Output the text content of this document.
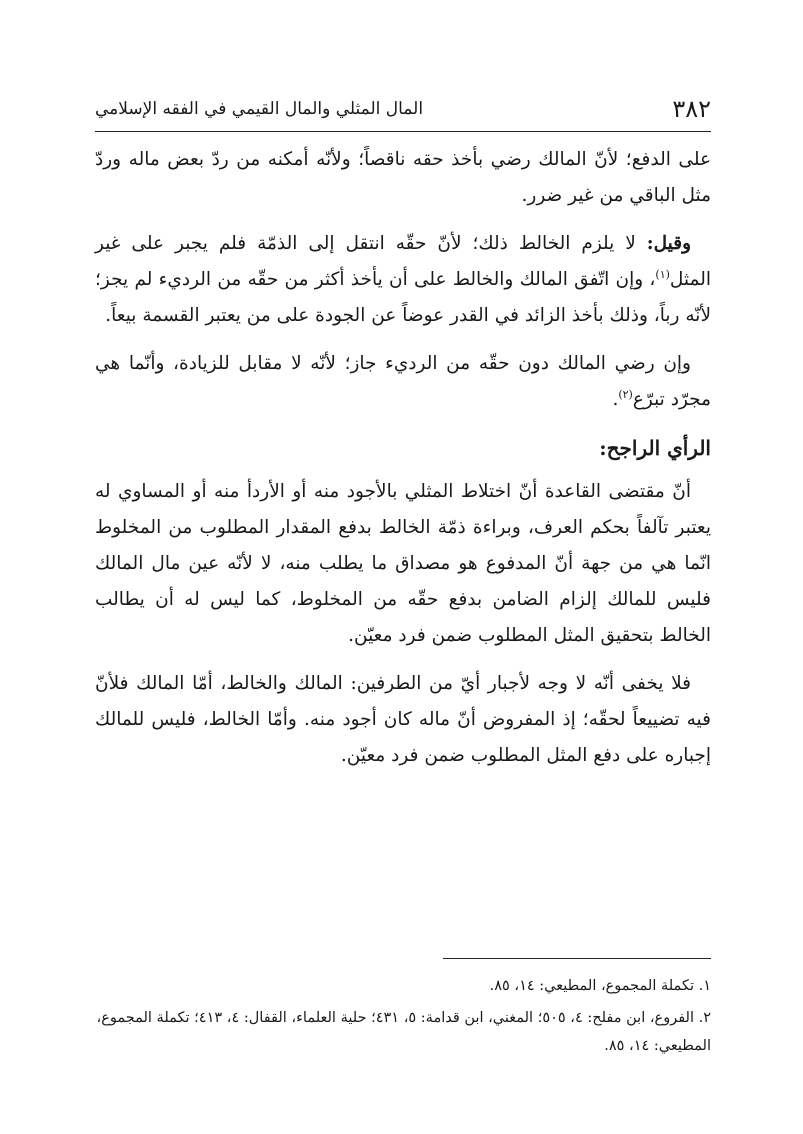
٣٨٢
المال المثلي والمال القيمي في الفقه الإسلامي

على الدفع؛ لأنّ المالك رضي بأخذ حقه ناقصاً؛ ولأنّه أمكنه من ردّ بعض ماله وردّ مثل الباقي من غير ضرر.

وقيل: لا يلزم الخالط ذلك؛ لأنّ حقّه انتقل إلى الذمّة فلم يجبر على غير المثل$^{(١)}$، وإن اتّفق المالك والخالط على أن يأخذ أكثر من حقّه من الرديء لم يجز؛ لأنّه رباً، وذلك بأخذ الزائد في القدر عوضاً عن الجودة على من يعتبر القسمة بيعاً.

وإن رضي المالك دون حقّه من الرديء جاز؛ لأنّه لا مقابل للزيادة، وأنّما هي مجرّد تبرّع$^{(٢)}$.

الرأي الراجح:

أنّ مقتضى القاعدة أنّ اختلاط المثلي بالأجود منه أو الأردأ منه أو المساوي له يعتبر تآلفاً بحكم العرف، وبراءة ذمّة الخالط بدفع المقدار المطلوب من المخلوط انّما هي من جهة أنّ المدفوع هو مصداق ما يطلب منه، لا لأنّه عين مال المالك فليس للمالك إلزام الضامن بدفع حقّه من المخلوط، كما ليس له أن يطالب الخالط بتحقيق المثل المطلوب ضمن فرد معيّن.

فلا يخفى أنّه لا وجه لأجبار أيّ من الطرفين: المالك والخالط، أمّا المالك فلأنّ فيه تضييعاً لحقّه؛ إذ المفروض أنّ ماله كان أجود منه. وأمّا الخالط، فليس للمالك إجباره على دفع المثل المطلوب ضمن فرد معيّن.

١. تكملة المجموع، المطيعي: ١٤، ٨٥.

٢. الفروع، ابن مفلح: ٤، ٥٠٥؛ المغني، ابن قدامة: ٥، ٤٣١؛ حلية العلماء، القفال: ٤، ٤١٣؛ تكملة المجموع، المطيعي: ١٤، ٨٥.
